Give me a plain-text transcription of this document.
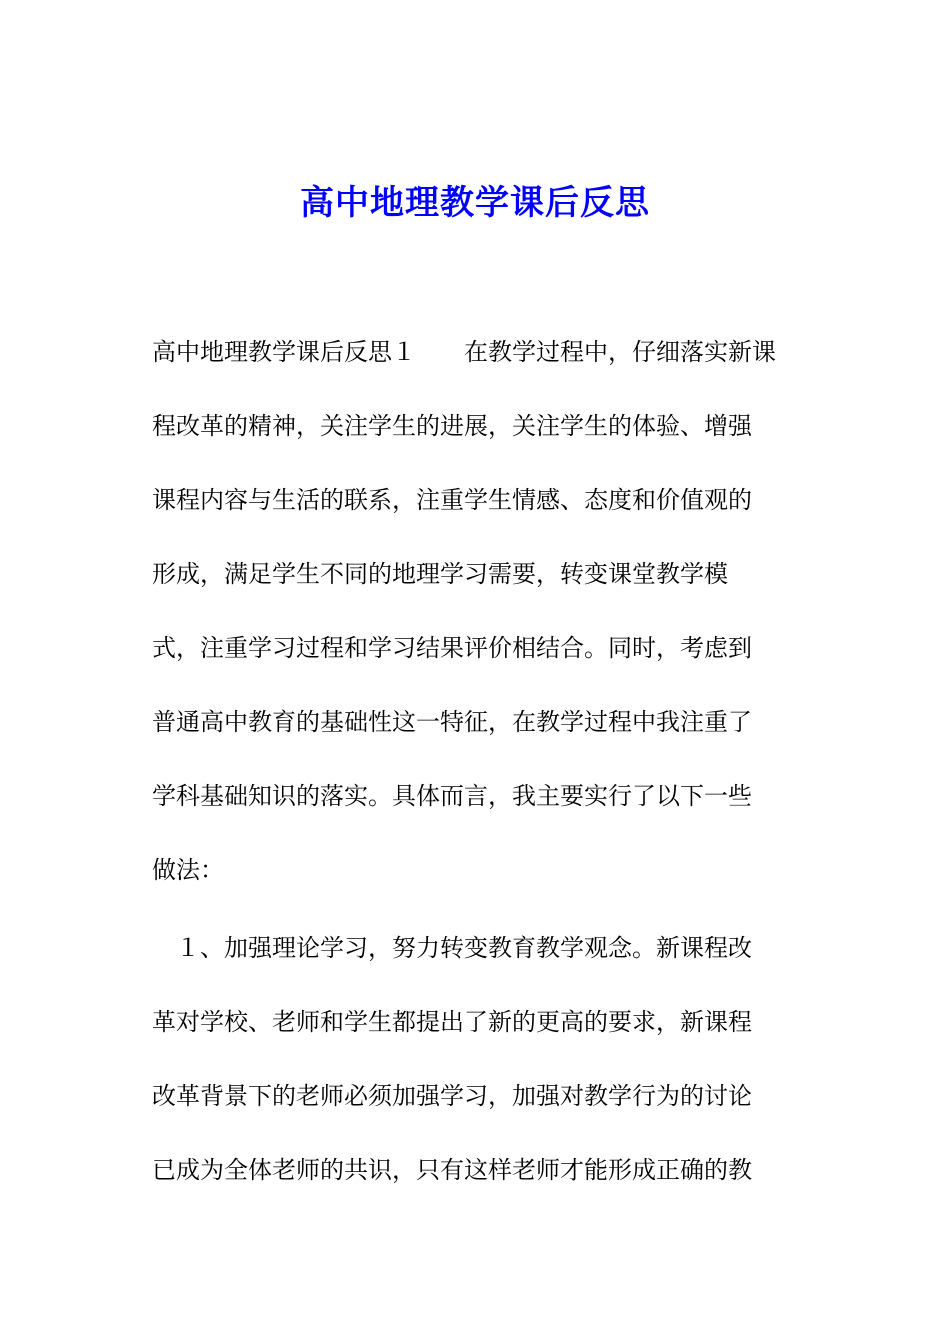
高中地理教学课后反思

高中地理教学课后反思１　　在教学过程中，仔细落实新课

程改革的精神，关注学生的进展，关注学生的体验、增强

课程内容与生活的联系，注重学生情感、态度和价值观的

形成，满足学生不同的地理学习需要，转变课堂教学模

式，注重学习过程和学习结果评价相结合。同时，考虑到

普通高中教育的基础性这一特征，在教学过程中我注重了

学科基础知识的落实。具体而言，我主要实行了以下一些

做法：

　１、加强理论学习，努力转变教育教学观念。新课程改

革对学校、老师和学生都提出了新的更高的要求，新课程

改革背景下的老师必须加强学习，加强对教学行为的讨论

已成为全体老师的共识，只有这样老师才能形成正确的教
